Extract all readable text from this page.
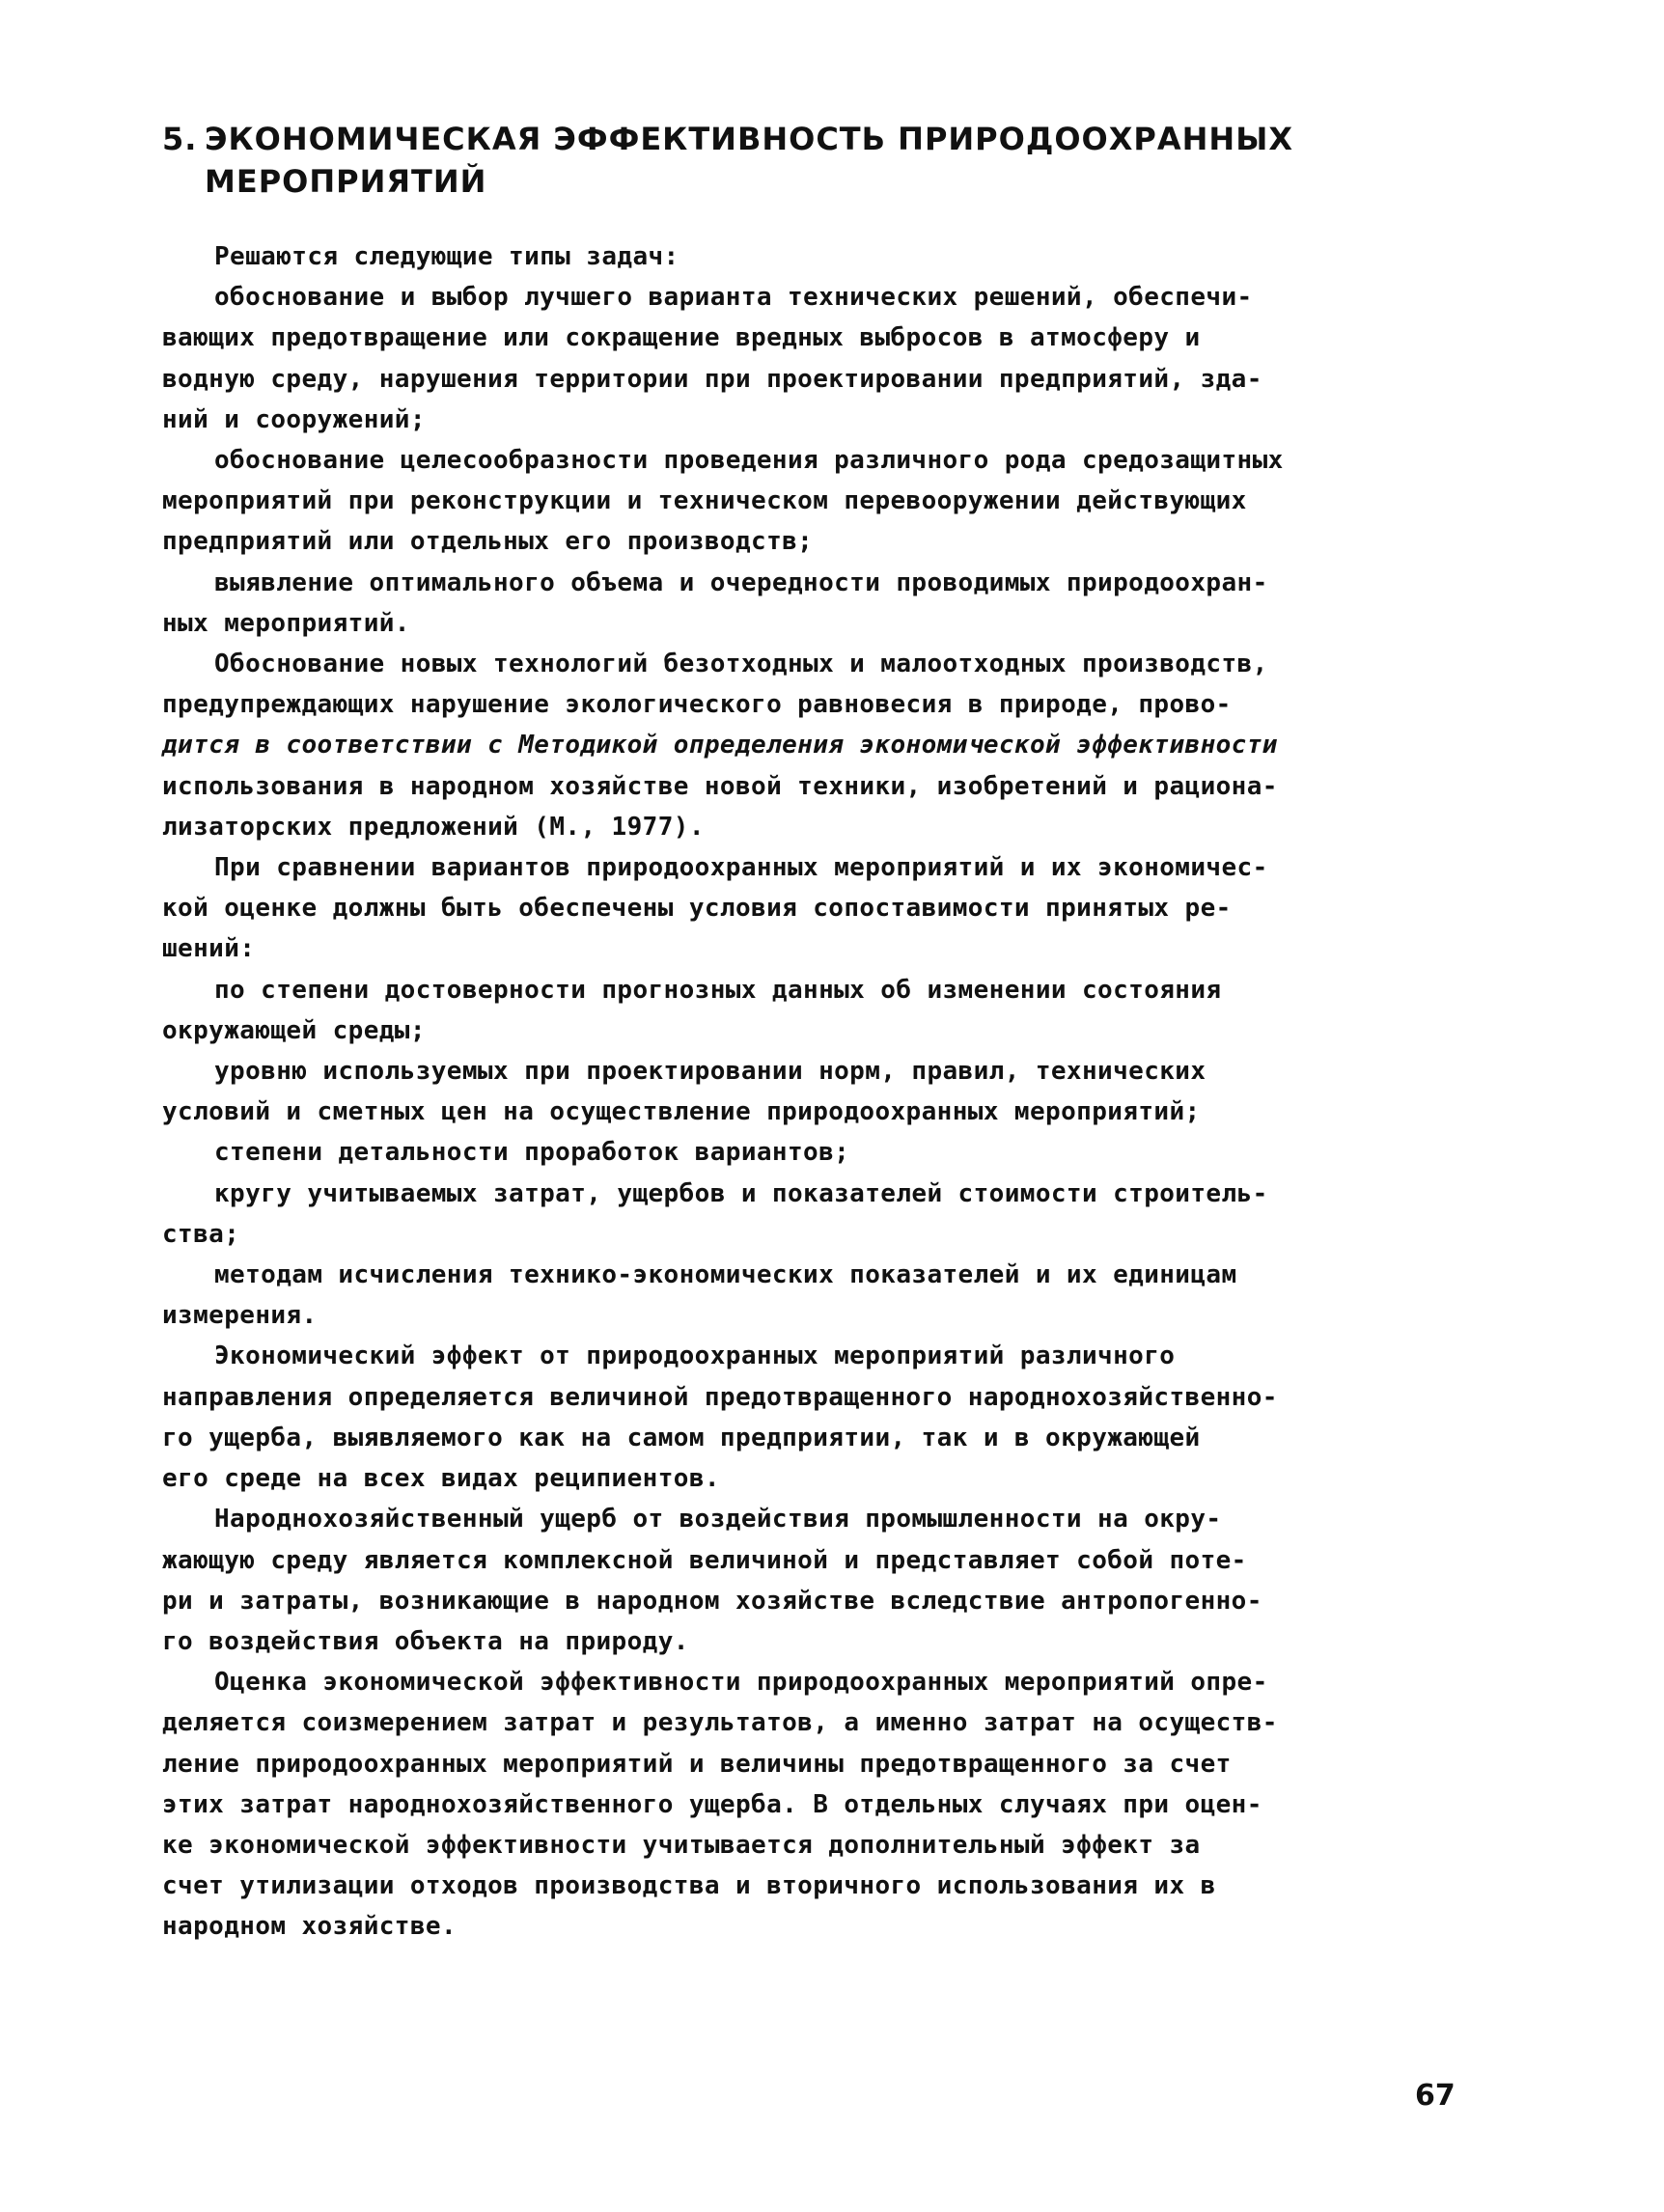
5. ЭКОНОМИЧЕСКАЯ ЭФФЕКТИВНОСТЬ ПРИРОДООХРАННЫХ
МЕРОПРИЯТИЙ
Решаются следующие типы задач:
обоснование и выбор лучшего варианта технических решений, обеспечи-
вающих предотвращение или сокращение вредных выбросов в атмосферу и
водную среду, нарушения территории при проектировании предприятий, зда-
ний и сооружений;
обоснование целесообразности проведения различного рода средозащитных
мероприятий при реконструкции и техническом перевооружении действующих
предприятий или отдельных его производств;
выявление оптимального объема и очередности проводимых природоохран-
ных мероприятий.
Обоснование новых технологий безотходных и малоотходных производств,
предупреждающих нарушение экологического равновесия в природе, прово-
дится в соответствии с Методикой определения экономической эффективности
использования в народном хозяйстве новой техники, изобретений и рациона-
лизаторских предложений (М., 1977).
При сравнении вариантов природоохранных мероприятий и их экономичес-
кой оценке должны быть обеспечены условия сопоставимости принятых ре-
шений:
по степени достоверности прогнозных данных об изменении состояния
окружающей среды;
уровню используемых при проектировании норм, правил, технических
условий и сметных цен на осуществление природоохранных мероприятий;
степени детальности проработок вариантов;
кругу учитываемых затрат, ущербов и показателей стоимости строитель-
ства;
методам исчисления технико-экономических показателей и их единицам
измерения.
Экономический эффект от природоохранных мероприятий различного
направления определяется величиной предотвращенного народнохозяйственно-
го ущерба, выявляемого как на самом предприятии, так и в окружающей
его среде на всех видах реципиентов.
Народнохозяйственный ущерб от воздействия промышленности на окру-
жающую среду является комплексной величиной и представляет собой поте-
ри и затраты, возникающие в народном хозяйстве вследствие антропогенно-
го воздействия объекта на природу.
Оценка экономической эффективности природоохранных мероприятий опре-
деляется соизмерением затрат и результатов, а именно затрат на осуществ-
ление природоохранных мероприятий и величины предотвращенного за счет
этих затрат народнохозяйственного ущерба. В отдельных случаях при оцен-
ке экономической эффективности учитывается дополнительный эффект за
счет утилизации отходов производства и вторичного использования их в
народном хозяйстве.
67
